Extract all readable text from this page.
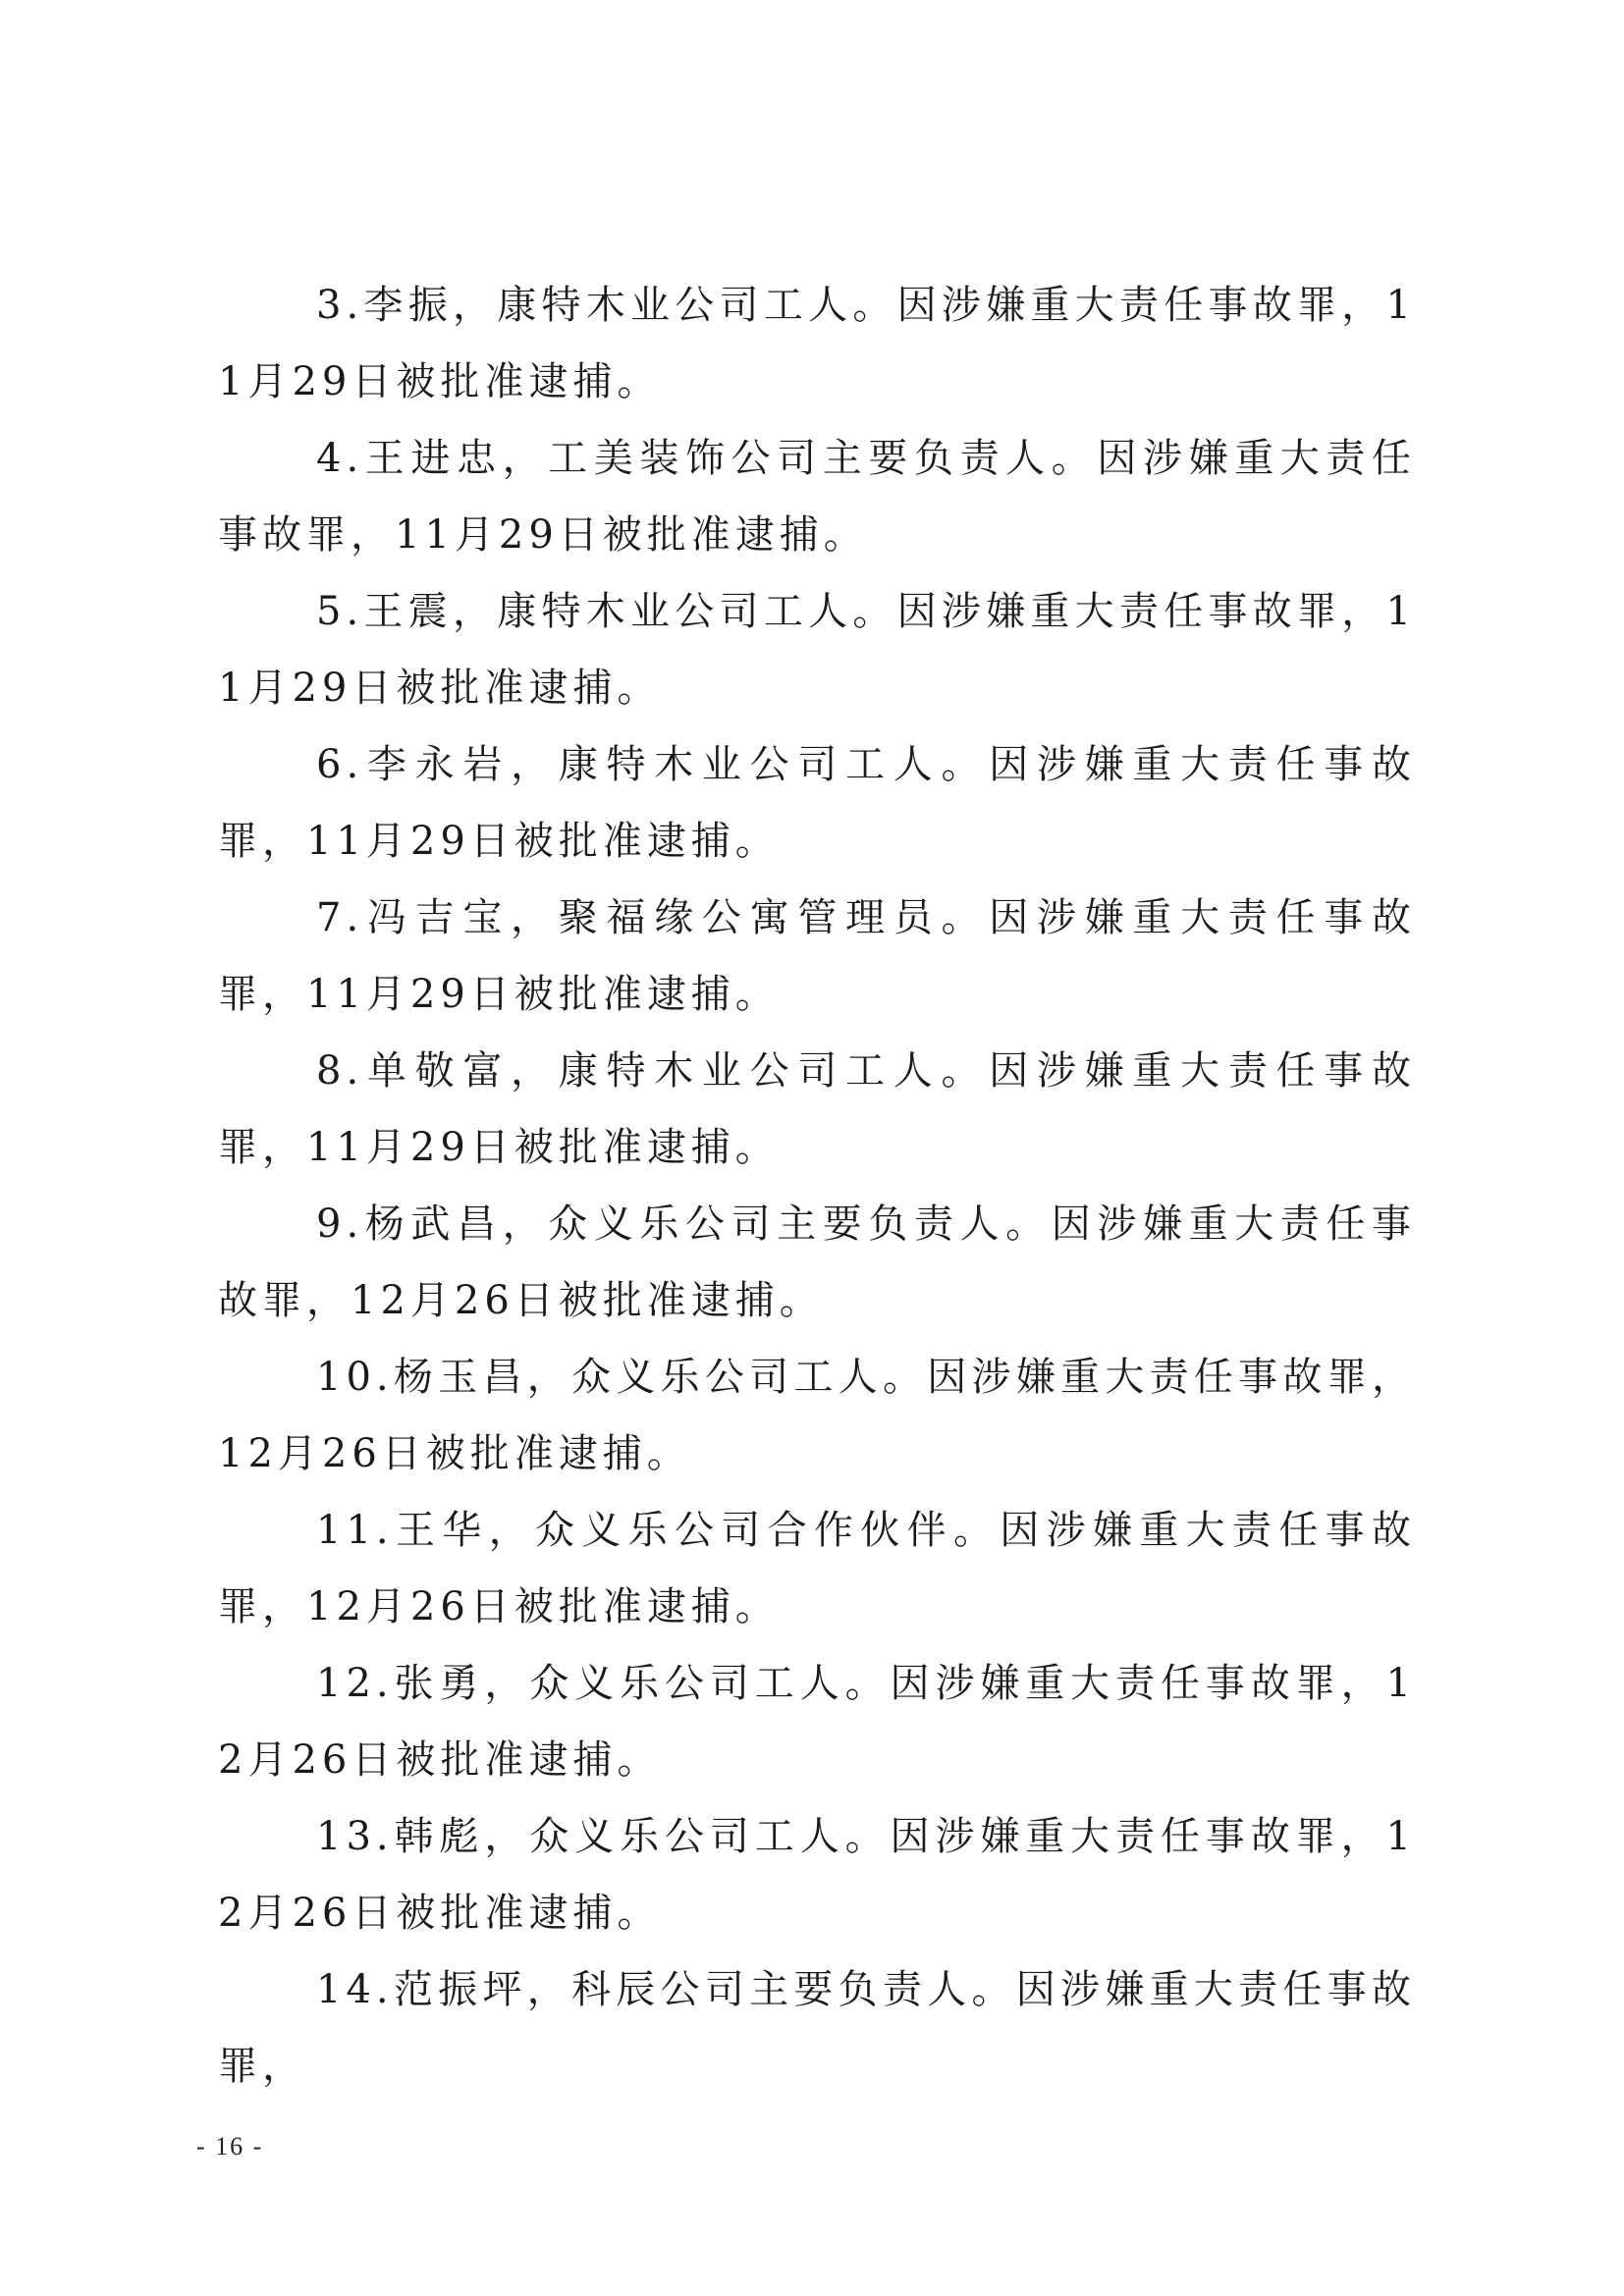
3.李振，康特木业公司工人。因涉嫌重大责任事故罪，11月29日被批准逮捕。

4.王进忠，工美装饰公司主要负责人。因涉嫌重大责任事故罪，11月29日被批准逮捕。

5.王震，康特木业公司工人。因涉嫌重大责任事故罪，11月29日被批准逮捕。

6.李永岩，康特木业公司工人。因涉嫌重大责任事故罪，11月29日被批准逮捕。

7.冯吉宝，聚福缘公寓管理员。因涉嫌重大责任事故罪，11月29日被批准逮捕。

8.单敬富，康特木业公司工人。因涉嫌重大责任事故罪，11月29日被批准逮捕。

9.杨武昌，众义乐公司主要负责人。因涉嫌重大责任事故罪，12月26日被批准逮捕。

10.杨玉昌，众义乐公司工人。因涉嫌重大责任事故罪，12月26日被批准逮捕。

11.王华，众义乐公司合作伙伴。因涉嫌重大责任事故罪，12月26日被批准逮捕。

12.张勇，众义乐公司工人。因涉嫌重大责任事故罪，12月26日被批准逮捕。

13.韩彪，众义乐公司工人。因涉嫌重大责任事故罪，12月26日被批准逮捕。

14.范振坪，科辰公司主要负责人。因涉嫌重大责任事故罪，

- 16 -
